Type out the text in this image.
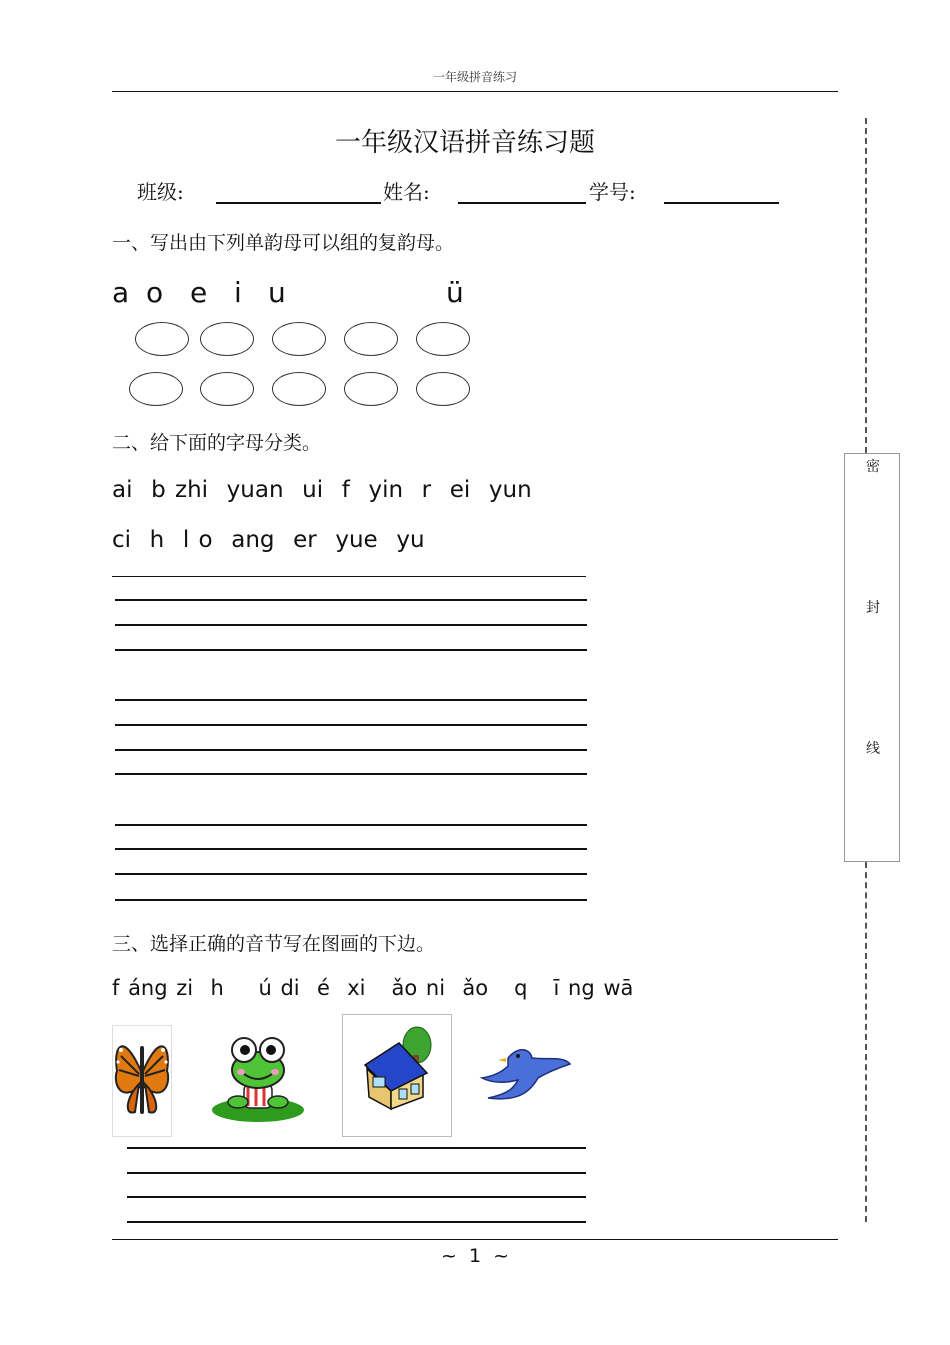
一年级拼音练习
一年级汉语拼音练习题
班级:	姓名:	学号:
一、写出由下列单韵母可以组的复韵母。
a o e i u	ü
二、给下面的字母分类。
ai  b zhi  yuan  ui  f  yin  r  ei  yun
ci  h  l o  ang  er  yue  yu
三、选择正确的音节写在图画的下边。
f áng zi  h    ú di  é  xi   ǎo ni  ǎo   q   ī ng wā
密
封
线
~  1  ~
